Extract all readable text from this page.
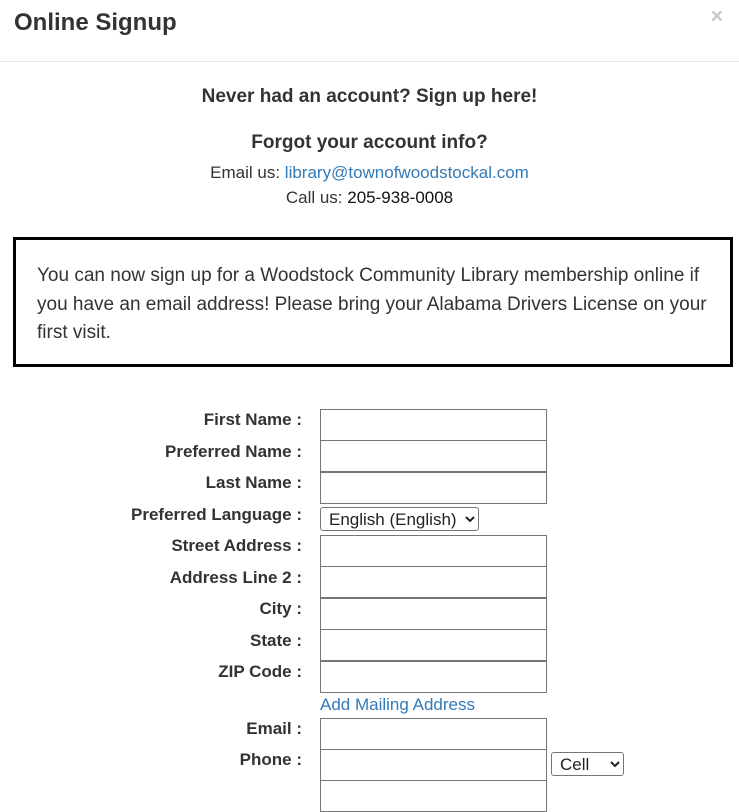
Online Signup	×
Never had an account? Sign up here!
Forgot your account info?
Email us: library@townofwoodstockal.com
Call us: 205-938-0008
You can now sign up for a Woodstock Community Library membership online if you have an email address! Please bring your Alabama Drivers License on your first visit.
First Name :
Preferred Name :
Last Name :
Preferred Language :
English (English)
Street Address :
Address Line 2 :
City :
State :
ZIP Code :
Add Mailing Address
Email :
Phone :
Cell
